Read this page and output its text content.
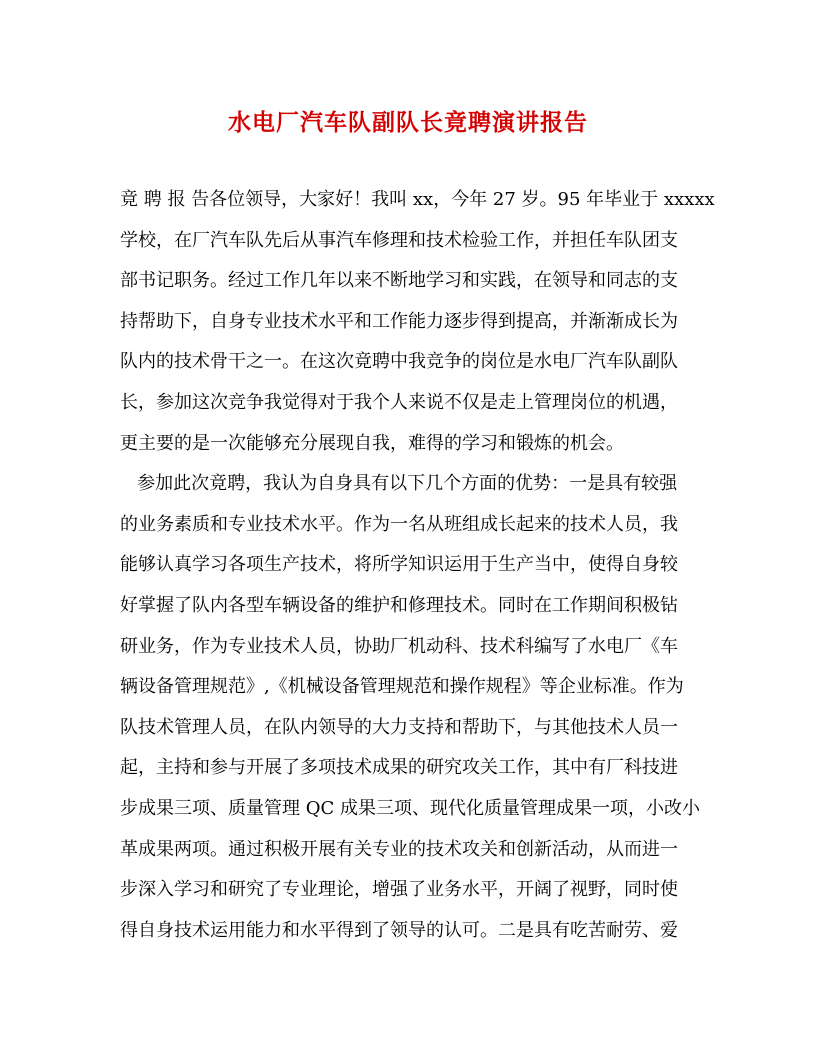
水电厂汽车队副队长竟聘演讲报告
竟 聘 报 告各位领导，大家好！我叫 xx，今年 27 岁。95 年毕业于 xxxxx
学校，在厂汽车队先后从事汽车修理和技术检验工作，并担任车队团支
部书记职务。经过工作几年以来不断地学习和实践，在领导和同志的支
持帮助下，自身专业技术水平和工作能力逐步得到提高，并渐渐成长为
队内的技术骨干之一。在这次竟聘中我竞争的岗位是水电厂汽车队副队
长，参加这次竞争我觉得对于我个人来说不仅是走上管理岗位的机遇，
更主要的是一次能够充分展现自我，难得的学习和锻炼的机会。
参加此次竟聘，我认为自身具有以下几个方面的优势：一是具有较强
的业务素质和专业技术水平。作为一名从班组成长起来的技术人员，我
能够认真学习各项生产技术，将所学知识运用于生产当中，使得自身较
好掌握了队内各型车辆设备的维护和修理技术。同时在工作期间积极钻
研业务，作为专业技术人员，协助厂机动科、技术科编写了水电厂《车
辆设备管理规范》,《机械设备管理规范和操作规程》等企业标准。作为
队技术管理人员，在队内领导的大力支持和帮助下，与其他技术人员一
起，主持和参与开展了多项技术成果的研究攻关工作，其中有厂科技进
步成果三项、质量管理 QC 成果三项、现代化质量管理成果一项，小改小
革成果两项。通过积极开展有关专业的技术攻关和创新活动，从而进一
步深入学习和研究了专业理论，增强了业务水平，开阔了视野，同时使
得自身技术运用能力和水平得到了领导的认可。二是具有吃苦耐劳、爱
